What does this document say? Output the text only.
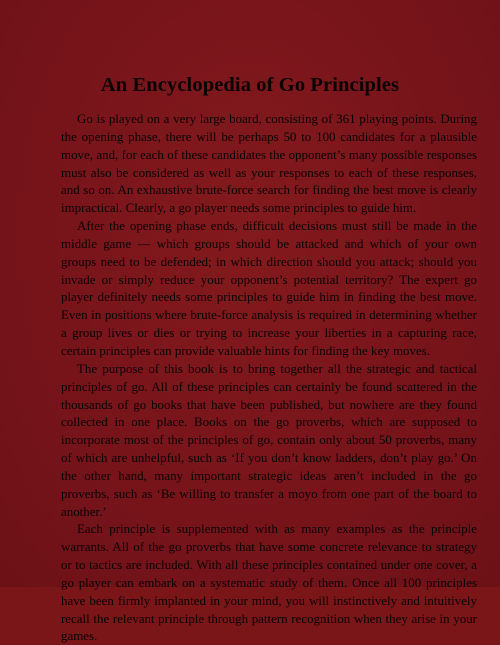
An Encyclopedia of Go Principles

Go is played on a very large board, consisting of 361 playing points. During the opening phase, there will be perhaps 50 to 100 candidates for a plausible move, and, for each of these candidates the opponent’s many possible responses must also be considered as well as your responses to each of these responses, and so on. An exhaustive brute-force search for finding the best move is clearly impractical. Clearly, a go player needs some principles to guide him.

After the opening phase ends, difficult decisions must still be made in the middle game — which groups should be attacked and which of your own groups need to be defended; in which direction should you attack; should you invade or simply reduce your opponent’s potential territory? The expert go player definitely needs some principles to guide him in finding the best move. Even in positions where brute-force analysis is required in determining whether a group lives or dies or trying to increase your liberties in a capturing race, certain principles can provide valuable hints for finding the key moves.

The purpose of this book is to bring together all the strategic and tactical principles of go. All of these principles can certainly be found scattered in the thousands of go books that have been published, but nowhere are they found collected in one place. Books on the go proverbs, which are supposed to incorporate most of the principles of go, contain only about 50 proverbs, many of which are unhelpful, such as ‘If you don’t know ladders, don’t play go.’ On the other hand, many important strategic ideas aren’t included in the go proverbs, such as ‘Be willing to transfer a moyo from one part of the board to another.’

Each principle is supplemented with as many examples as the principle warrants. All of the go proverbs that have some concrete relevance to strategy or to tactics are included. With all these principles contained under one cover, a go player can embark on a systematic study of them. Once all 100 principles have been firmly implanted in your mind, you will instinctively and intuitively recall the relevant principle through pattern recognition when they arise in your games.
